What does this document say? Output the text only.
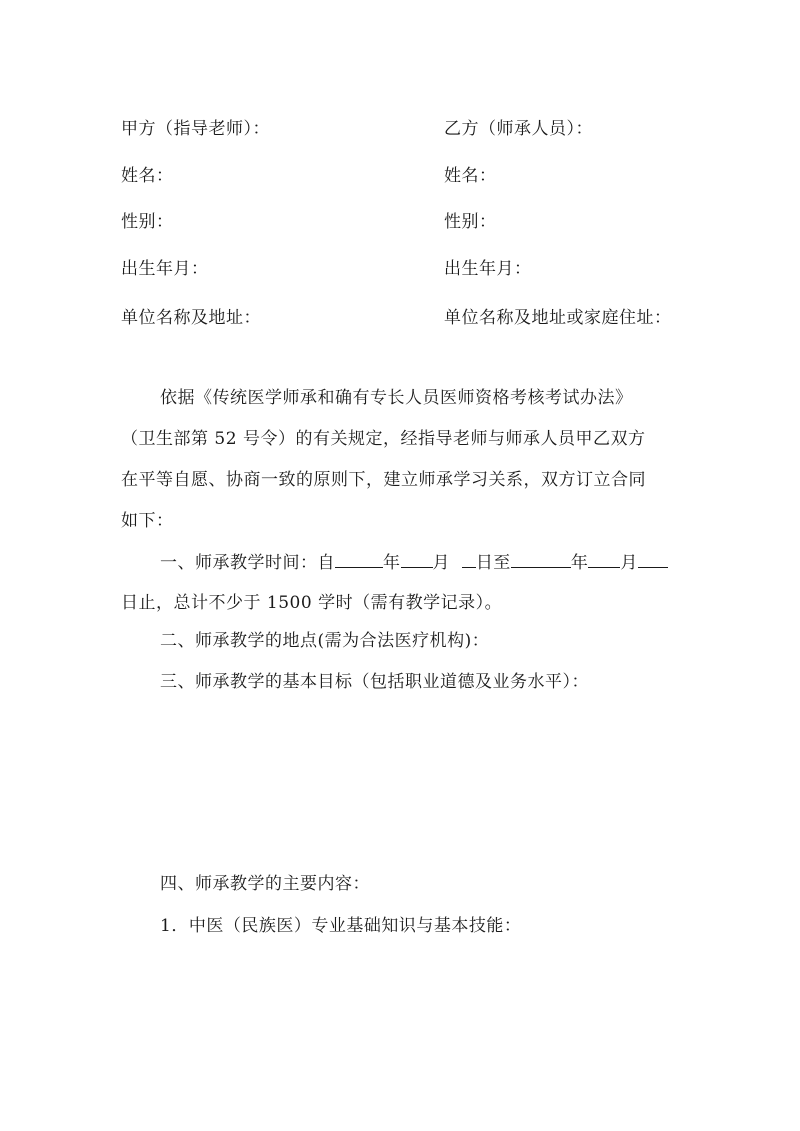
甲方（指导老师）：	乙方（师承人员）：
姓名：	姓名：
性别：	性别：
出生年月：	出生年月：
单位名称及地址：	单位名称及地址或家庭住址：
依据《传统医学师承和确有专长人员医师资格考核考试办法》
（卫生部第 52 号令）的有关规定，经指导老师与师承人员甲乙双方
在平等自愿、协商一致的原则下，建立师承学习关系，双方订立合同
如下：
一、师承教学时间：自	年 月 日至	年 月
日止，总计不少于 1500 学时（需有教学记录）。
二、师承教学的地点(需为合法医疗机构)：
三、师承教学的基本目标（包括职业道德及业务水平）：
四、师承教学的主要内容：
1．中医（民族医）专业基础知识与基本技能：
